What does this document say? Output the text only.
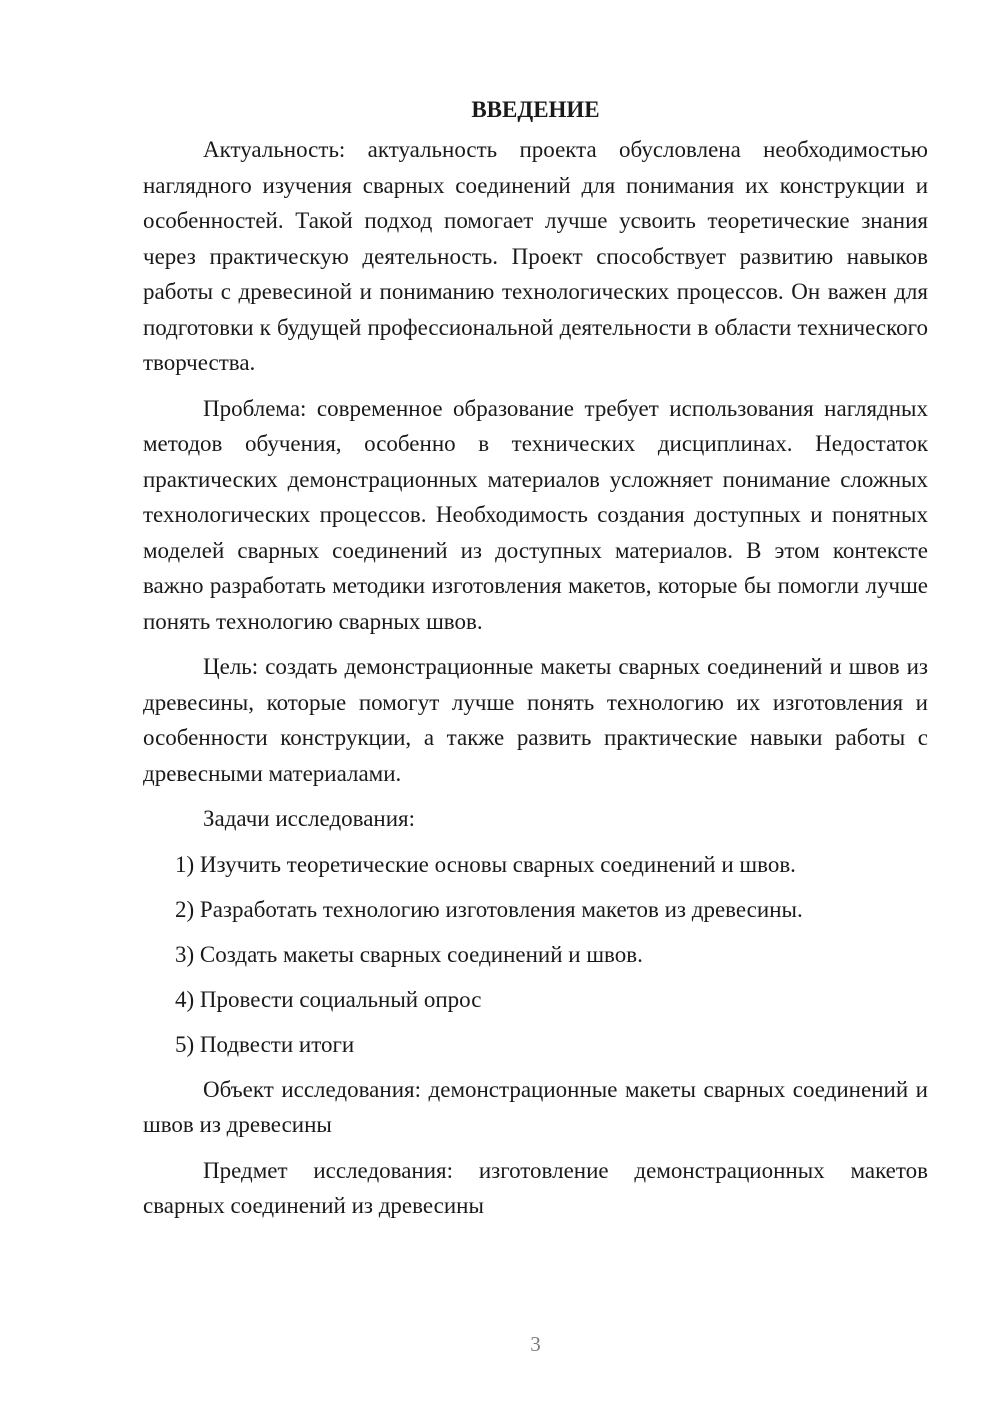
ВВЕДЕНИЕ

Актуальность: актуальность проекта обусловлена необходимостью наглядного изучения сварных соединений для понимания их конструкции и особенностей. Такой подход помогает лучше усвоить теоретические знания через практическую деятельность. Проект способствует развитию навыков работы с древесиной и пониманию технологических процессов. Он важен для подготовки к будущей профессиональной деятельности в области технического творчества.

Проблема: современное образование требует использования наглядных методов обучения, особенно в технических дисциплинах. Недостаток практических демонстрационных материалов усложняет понимание сложных технологических процессов. Необходимость создания доступных и понятных моделей сварных соединений из доступных материалов. В этом контексте важно разработать методики изготовления макетов, которые бы помогли лучше понять технологию сварных швов.

Цель: создать демонстрационные макеты сварных соединений и швов из древесины, которые помогут лучше понять технологию их изготовления и особенности конструкции, а также развить практические навыки работы с древесными материалами.

Задачи исследования:

1) Изучить теоретические основы сварных соединений и швов.
2) Разработать технологию изготовления макетов из древесины.
3) Создать макеты сварных соединений и швов.
4) Провести социальный опрос
5) Подвести итоги

Объект исследования: демонстрационные макеты сварных соединений и швов из древесины

Предмет исследования: изготовление демонстрационных макетов сварных соединений из древесины

3
